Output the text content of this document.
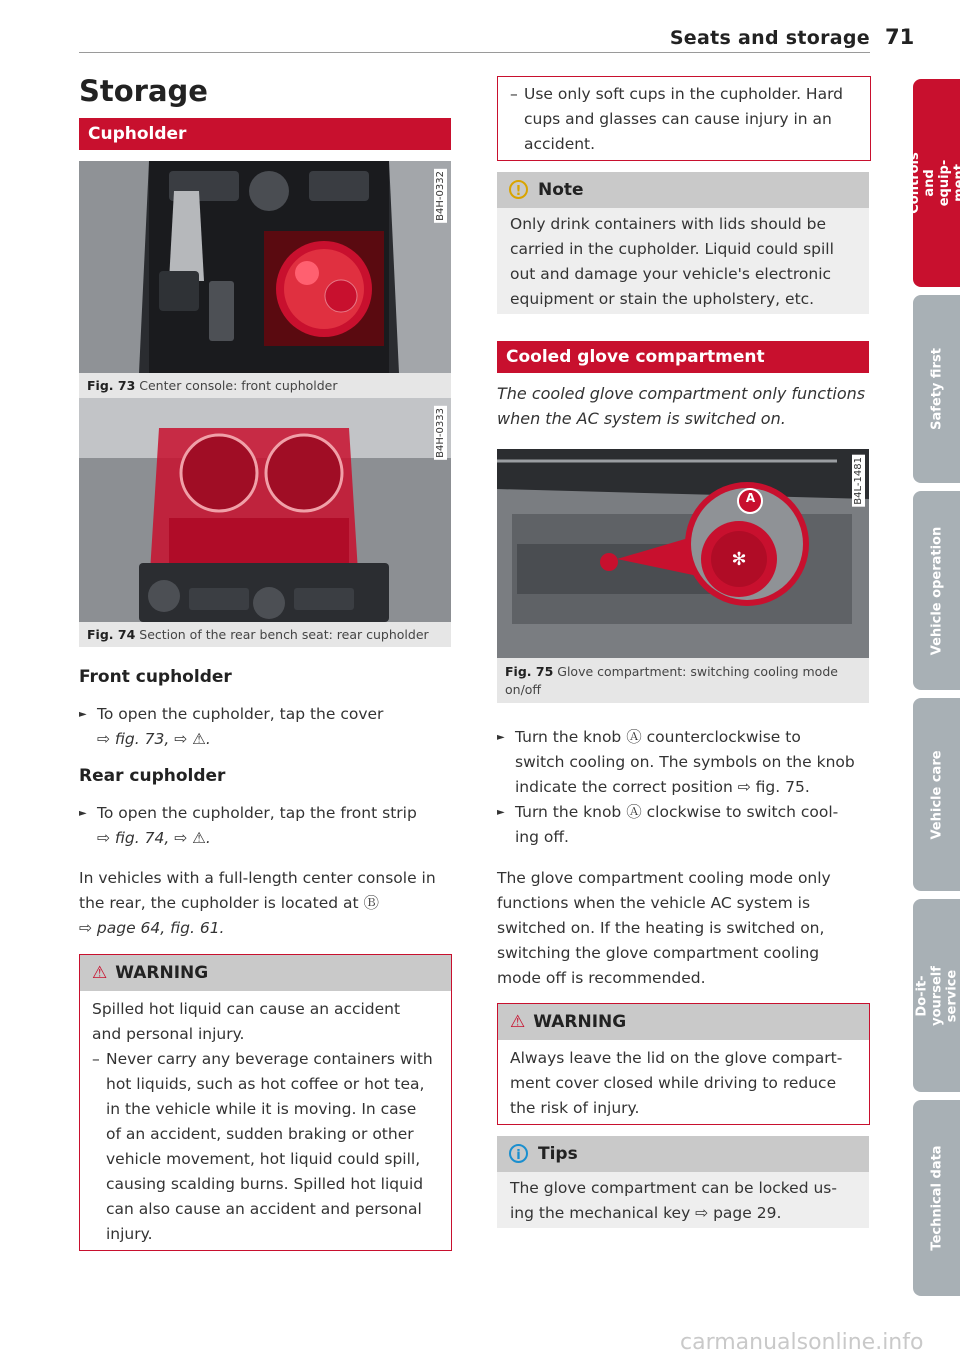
Seats and storage 71
Controls and equip-
ment
Safety first
Vehicle operation
Vehicle care
Do-it-yourself
service
Technical data
Storage
Cupholder
B4H-0332
Fig. 73 Center console: front cupholder
B4H-0333
Fig. 74 Section of the rear bench seat: rear cupholder
Front cupholder
► To open the cupholder, tap the cover
⇨ fig. 73, ⇨ ⚠.
Rear cupholder
► To open the cupholder, tap the front strip
⇨ fig. 74, ⇨ ⚠.
In vehicles with a full-length center console in
the rear, the cupholder is located at Ⓑ
⇨ page 64, fig. 61.
⚠ WARNING
Spilled hot liquid can cause an accident
and personal injury.
– Never carry any beverage containers with
hot liquids, such as hot coffee or hot tea,
in the vehicle while it is moving. In case
of an accident, sudden braking or other
vehicle movement, hot liquid could spill,
causing scalding burns. Spilled hot liquid
can also cause an accident and personal
injury.
– Use only soft cups in the cupholder. Hard
cups and glasses can cause injury in an
accident.
! Note
Only drink containers with lids should be
carried in the cupholder. Liquid could spill
out and damage your vehicle's electronic
equipment or stain the upholstery, etc.
Cooled glove compartment
The cooled glove compartment only functions
when the AC system is switched on.
✻
A	B4L-1481
Fig. 75 Glove compartment: switching cooling mode
on/off
► Turn the knob Ⓐ counterclockwise to
switch cooling on. The symbols on the knob
indicate the correct position ⇨ fig. 75.
► Turn the knob Ⓐ clockwise to switch cool-
ing off.
The glove compartment cooling mode only
functions when the vehicle AC system is
switched on. If the heating is switched on,
switching the glove compartment cooling
mode off is recommended.
⚠ WARNING
Always leave the lid on the glove compart-
ment cover closed while driving to reduce
the risk of injury.
i Tips
The glove compartment can be locked us-
ing the mechanical key ⇨ page 29.
carmanualsonline.info
